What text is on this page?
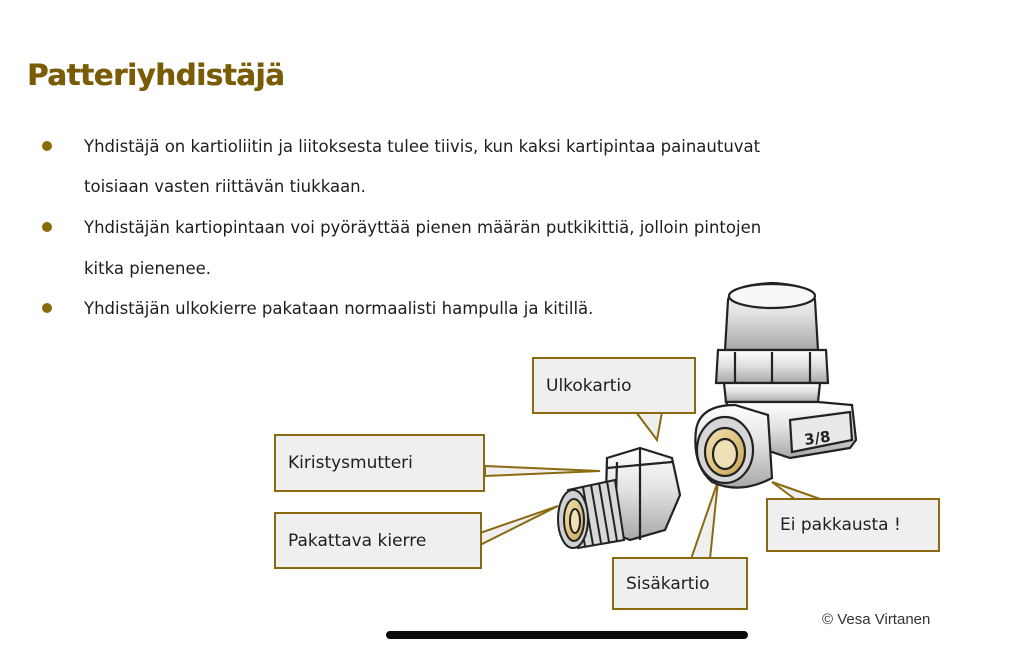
Patteriyhdistäjä
Yhdistäjä on kartioliitin ja liitoksesta tulee tiivis, kun kaksi kartipintaa painautuvat
toisiaan vasten riittävän tiukkaan.
Yhdistäjän kartiopintaan voi pyöräyttää pienen määrän putkikittiä, jolloin pintojen
kitka pienenee.
Yhdistäjän ulkokierre pakataan normaalisti hampulla ja kitillä.
3/8
Ulkokartio
Kiristysmutteri
Pakattava kierre
Sisäkartio
Ei pakkausta !
© Vesa Virtanen
